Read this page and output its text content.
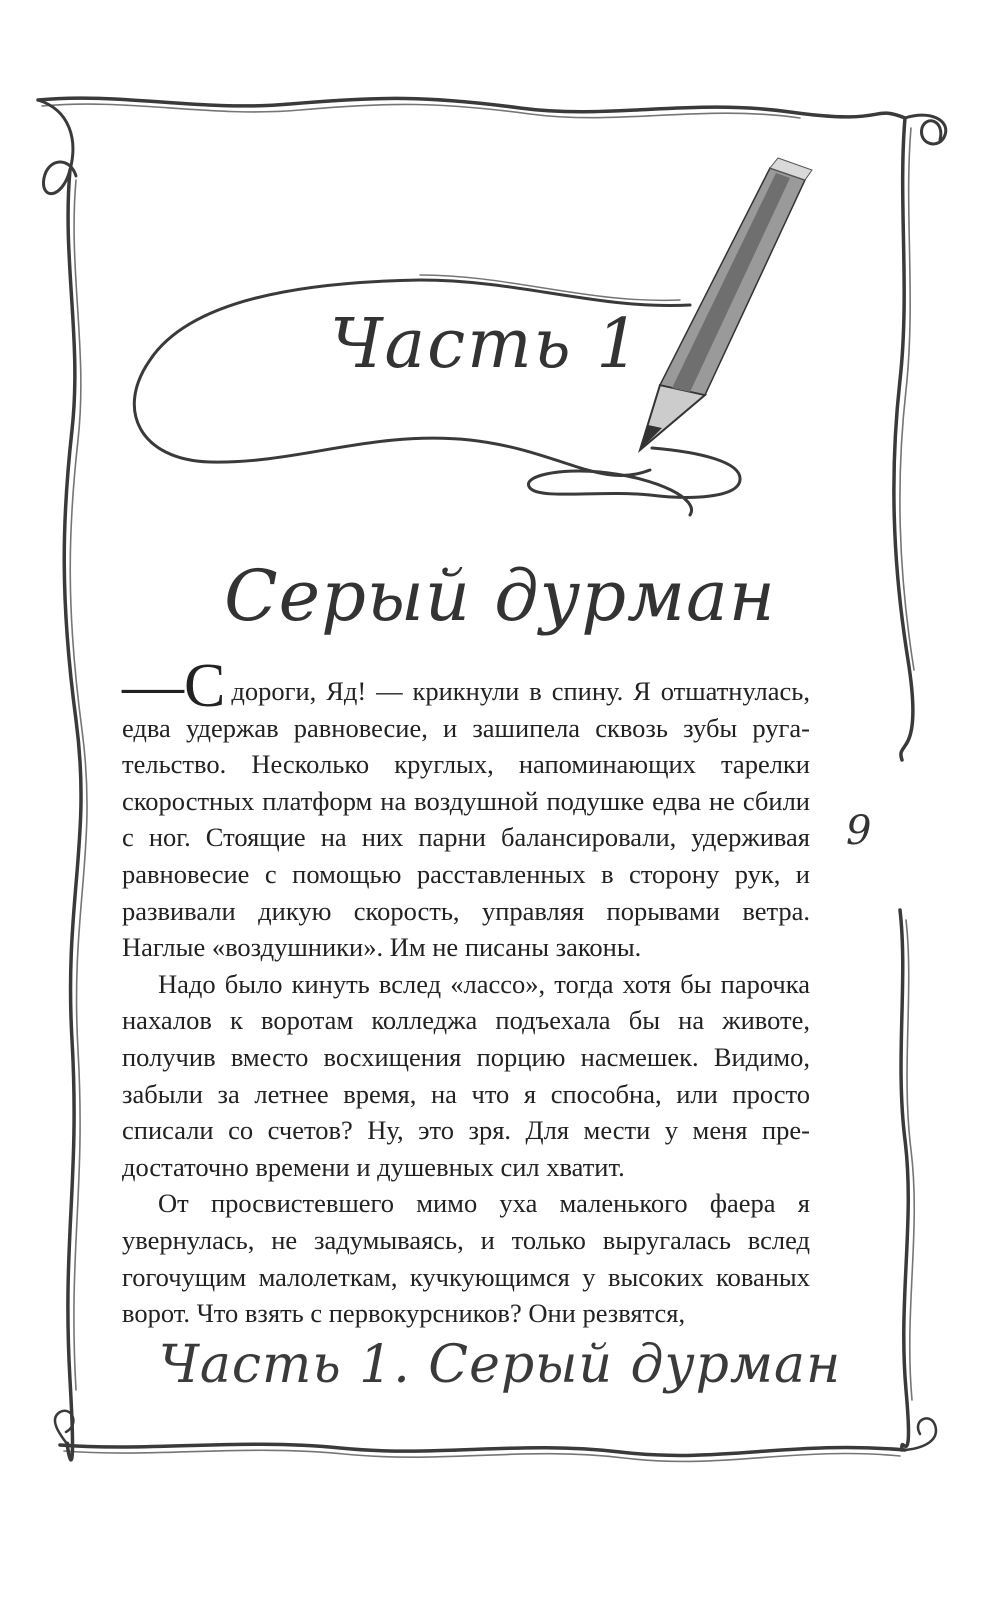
Часть 1
Серый дурман

—С дороги, Яд! — крикнули в спину. Я отшатнулась, едва удержав равновесие, и зашипела сквозь зубы ругательство. Несколько круглых, напоминающих тарелки скоростных платформ на воздушной подушке едва не сбили с ног. Стоящие на них парни балансировали, удерживая равновесие с помощью расставленных в сторону рук, и развивали дикую скорость, управляя порывами ветра. Наглые «воздушники». Им не писаны законы.

Надо было кинуть вслед «лассо», тогда хотя бы парочка нахалов к воротам колледжа подъехала бы на животе, получив вместо восхищения порцию насмешек. Видимо, забыли за летнее время, на что я способна, или просто списали со счетов? Ну, это зря. Для мести у меня предостаточно времени и душевных сил хватит.

От просвистевшего мимо уха маленького фаера я увернулась, не задумываясь, и только выругалась вслед гогочущим малолеткам, кучкующимся у высоких кованых ворот. Что взять с первокурсников? Они резвятся,

9
Часть 1. Серый дурман
